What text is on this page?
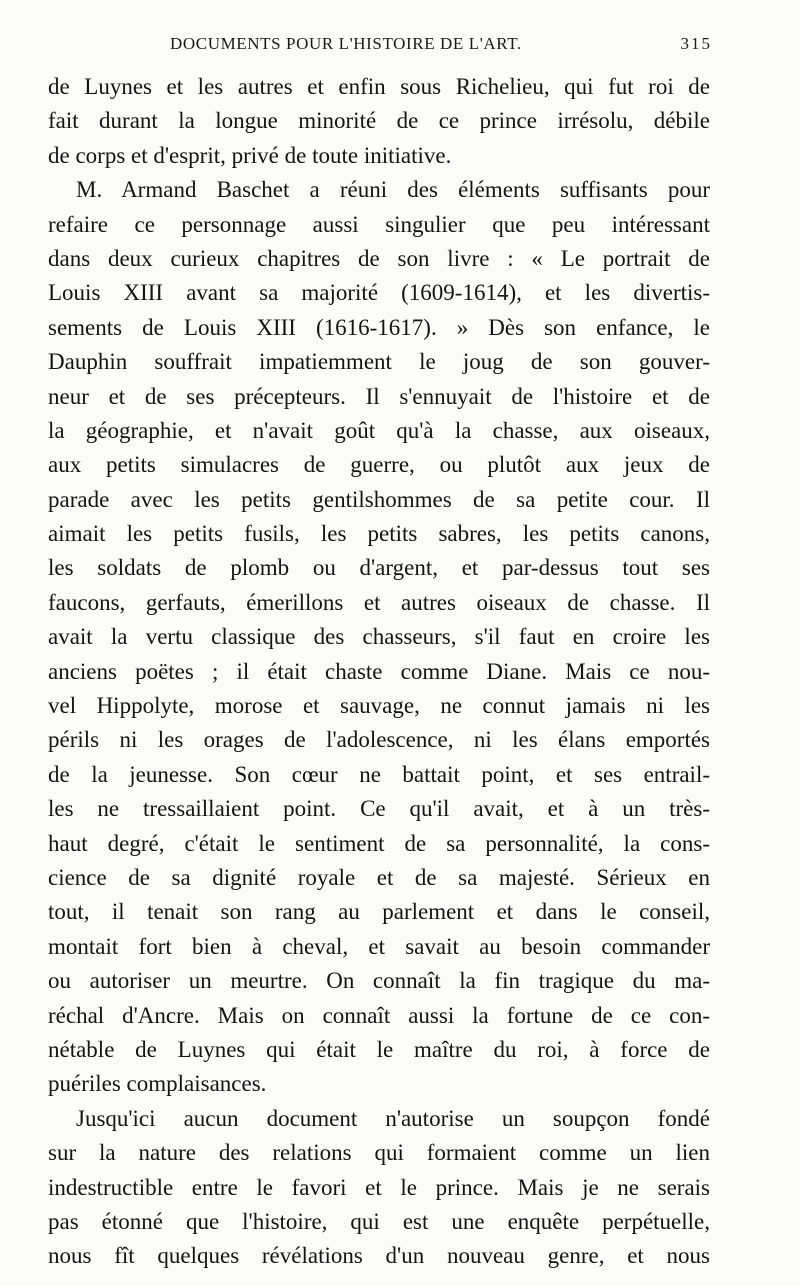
DOCUMENTS POUR L'HISTOIRE DE L'ART.	315
de Luynes et les autres et enfin sous Richelieu, qui fut roi de
fait durant la longue minorité de ce prince irrésolu, débile
de corps et d'esprit, privé de toute initiative.
M. Armand Baschet a réuni des éléments suffisants pour
refaire ce personnage aussi singulier que peu intéressant
dans deux curieux chapitres de son livre : « Le portrait de
Louis XIII avant sa majorité (1609-1614), et les divertis-
sements de Louis XIII (1616-1617). » Dès son enfance, le
Dauphin souffrait impatiemment le joug de son gouver-
neur et de ses précepteurs. Il s'ennuyait de l'histoire et de
la géographie, et n'avait goût qu'à la chasse, aux oiseaux,
aux petits simulacres de guerre, ou plutôt aux jeux de
parade avec les petits gentilshommes de sa petite cour. Il
aimait les petits fusils, les petits sabres, les petits canons,
les soldats de plomb ou d'argent, et par-dessus tout ses
faucons, gerfauts, émerillons et autres oiseaux de chasse. Il
avait la vertu classique des chasseurs, s'il faut en croire les
anciens poëtes ; il était chaste comme Diane. Mais ce nou-
vel Hippolyte, morose et sauvage, ne connut jamais ni les
périls ni les orages de l'adolescence, ni les élans emportés
de la jeunesse. Son cœur ne battait point, et ses entrail-
les ne tressaillaient point. Ce qu'il avait, et à un très-
haut degré, c'était le sentiment de sa personnalité, la cons-
cience de sa dignité royale et de sa majesté. Sérieux en
tout, il tenait son rang au parlement et dans le conseil,
montait fort bien à cheval, et savait au besoin commander
ou autoriser un meurtre. On connaît la fin tragique du ma-
réchal d'Ancre. Mais on connaît aussi la fortune de ce con-
nétable de Luynes qui était le maître du roi, à force de
puériles complaisances.
Jusqu'ici aucun document n'autorise un soupçon fondé
sur la nature des relations qui formaient comme un lien
indestructible entre le favori et le prince. Mais je ne serais
pas étonné que l'histoire, qui est une enquête perpétuelle,
nous fît quelques révélations d'un nouveau genre, et nous
